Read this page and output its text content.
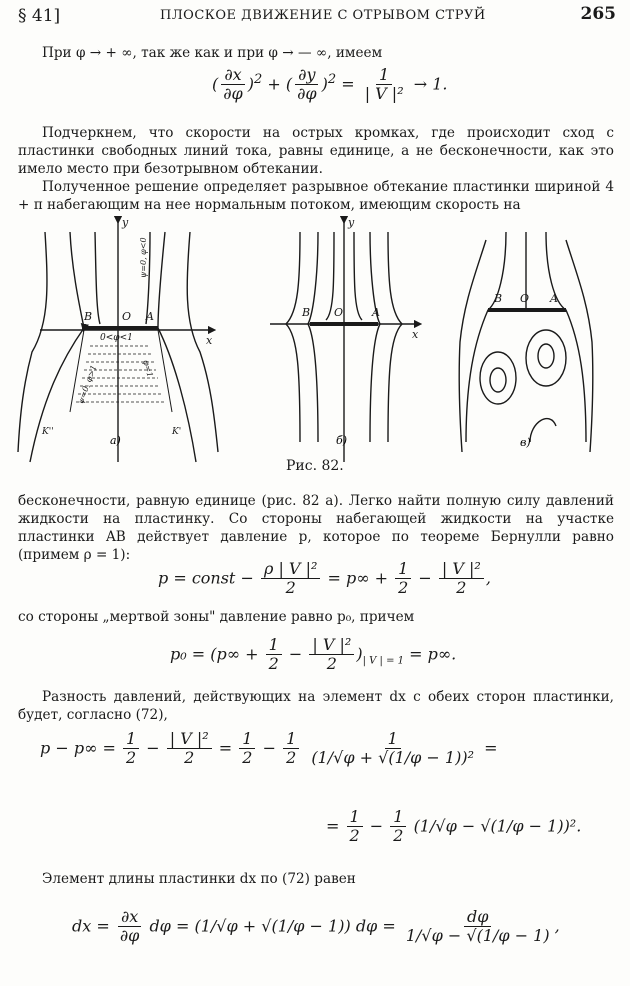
§ 41]	ПЛОСКОЕ ДВИЖЕНИЕ С ОТРЫВОМ СТРУЙ	265
При φ → + ∞, так же как и при φ → — ∞, имеем
( $\frac{\partial x}{\partial\varphi} )^2$ + ( $\frac{\partial y}{\partial\varphi} )^2 = \frac{1}{\text{| V |²}} \to 1$.
Подчеркнем, что скорости на острых кромках, где происходит сход с пластинки свободных линий тока, равны единице, а не бесконечности, как это имело место при безотрывном обтекании.
Полученное решение определяет разрывное обтекание пластинки шириной 4 + π набегающим на нее нормальным потоком, имеющим скорость на
y
x
B	O A
0<φ<1
K''	K'
ψ=0, φ<0
ψ=0, φ>1	φ=1
а)
y
x
B O	A
б)
B O A
в)
Рис. 82.
бесконечности, равную единице (рис. 82 а). Легко найти полную силу давлений жидкости на пластинку. Со стороны набегающей жидкости на участке пластинки AB действует давление p, которое по теореме Бернулли равно (примем ρ = 1):
p = const − $\frac{\text{ρ | V |²}}{2} = p\infty + \frac{1}{2} - \frac{\text{| V |²}}{2}$ ,
со стороны „мертвой зоны" давление равно p₀, причем
$p_0 = (p\infty + \frac{1}{2} - \frac{\text{| V |²}}{2} )_{| V | = 1} = p\infty$.
Разность давлений, действующих на элемент dx с обеих сторон пластинки, будет, согласно (72),
$p - p\infty = \frac{1}{2} - \frac{\text{| V |²}}{2} = \frac{1}{2} - \frac{1}{2}$
$\frac{1}{\text{(1/√φ + √(1/φ − 1))²}}$ =
= $\frac{1}{2} - \frac{1}{2} (1/√\varphi - √(1/\varphi - 1))^2$.
Элемент длины пластинки dx по (72) равен
dx = $\frac{\partial x}{\partial\varphi}$ dφ = (1/√φ + √(1/φ − 1)) $d\varphi = \frac{d\varphi}{1/√\varphi - √(1/\varphi - 1)}$ ,
